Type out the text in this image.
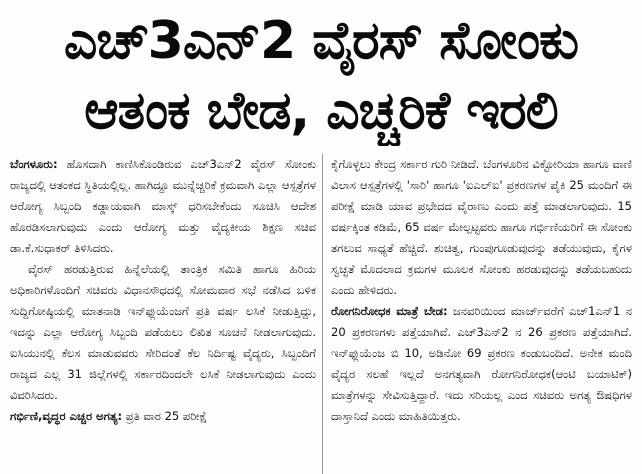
ಎಚ್3ಎನ್2 ವೈರಸ್ ಸೋಂಕು
ಆತಂಕ ಬೇಡ, ಎಚ್ಚರಿಕೆ ಇರಲಿ

ಬೆಂಗಳೂರು: ಹೊಸದಾಗಿ ಕಾಣಿಸಿಕೊಂಡಿರುವ ಎಚ್3ಎನ್2 ವೈರಸ್ ಸೋಂಕು ರಾಜ್ಯದಲ್ಲಿ ಆತಂಕದ ಸ್ಥಿತಿಯಲ್ಲಿಲ್ಲ. ಹಾಗಿದ್ದೂ ಮುನ್ನೆಚ್ಚರಿಕೆ ಕ್ರಮವಾಗಿ ಎಲ್ಲಾ ಆಸ್ಪತ್ರೆಗಳ ಆರೋಗ್ಯ ಸಿಬ್ಬಂದಿ ಕಡ್ಡಾಯವಾಗಿ ಮಾಸ್ಕ್ ಧರಿಸಬೇಕೆಂದು ಸೂಚಿಸಿ ಆದೇಶ ಹೊರಡಿಸಲಾಗುವುದು ಎಂದು ಆರೋಗ್ಯ ಮತ್ತು ವೈದ್ಯಕೀಯ ಶಿಕ್ಷಣ ಸಚಿವ ಡಾ.ಕೆ.ಸುಧಾಕರ್ ತಿಳಿಸಿದರು.

ವೈರಸ್ ಹರಡುತ್ತಿರುವ ಹಿನ್ನೆಲೆಯಲ್ಲಿ ತಾಂತ್ರಿಕ ಸಮಿತಿ ಹಾಗೂ ಹಿರಿಯ ಅಧಿಕಾರಿಗಳೊಂದಿಗೆ ಸಚಿವರು ವಿಧಾನಸೌಧದಲ್ಲಿ ಸೋಮವಾರ ಸಭೆ ನಡೆಸಿದ ಬಳಿಕ ಸುದ್ದಿಗೋಷ್ಠಿಯಲ್ಲಿ ಮಾತನಾಡಿ ಇನ್‌ಫ್ಲುಯೆಂಜಗೆ ಪ್ರತಿ ವರ್ಷ ಲಸಿಕೆ ನೀಡುತ್ತಿದ್ದು, ಇದನ್ನು ಎಲ್ಲಾ ಆರೋಗ್ಯ ಸಿಬ್ಬಂದಿ ಪಡೆಯಲು ಲಿಖಿತ ಸೂಚನೆ ನೀಡಲಾಗುವುದು. ಐಸಿಯುನಲ್ಲಿ ಕೆಲಸ ಮಾಡುವವರು ಸೇರಿದಂತೆ ಕೆಲ ನಿರ್ದಿಷ್ಟ ವೈದ್ಯರು, ಸಿಬ್ಬಂದಿಗೆ ರಾಜ್ಯದ ಎಲ್ಲ 31 ಜಿಲ್ಲೆಗಳಲ್ಲಿ ಸರ್ಕಾರದಿಂದಲೇ ಲಸಿಕೆ ನೀಡಲಾಗುವುದು ಎಂದು ವಿವರಿಸಿದರು.

ಗರ್ಭಿಣಿ,ವೃದ್ಧರ ಎಚ್ಚರ ಅಗತ್ಯ: ಪ್ರತಿ ವಾರ 25 ಪರೀಕ್ಷೆ

ಕೈಗೊಳ್ಳಲು ಕೇಂದ್ರ ಸರ್ಕಾರ ಗುರಿ ನೀಡಿದೆ. ಬೆಂಗಳೂರಿನ ವಿಕ್ಟೋರಿಯಾ ಹಾಗೂ ವಾಣಿ ವಿಲಾಸ ಆಸ್ಪತ್ರೆಗಳಲ್ಲಿ 'ಸಾರಿ' ಹಾಗೂ 'ಐಎಲ್‌ಐ' ಪ್ರಕರಣಗಳ ಪೈಕಿ 25 ಮಂದಿಗೆ ಈ ಪರೀಕ್ಷೆ ಮಾಡಿ ಯಾವ ಪ್ರಭೇದದ ವೈರಾಣು ಎಂದು ಪತ್ತೆ ಮಾಡಲಾಗುವುದು. 15 ವರ್ಷಕ್ಕಿಂತ ಕಡಿಮೆ, 65 ವರ್ಷ ಮೇಲ್ಪಟ್ಟವರು ಹಾಗೂ ಗರ್ಭಿಣಿಯರಿಗೆ ಈ ಸೋಂಕು ತಗಲುವ ಸಾಧ್ಯತೆ ಹೆಚ್ಚಿದೆ. ಶುಚಿತ್ವ, ಗುಂಪುಗೂಡುವುದನ್ನು ತಡೆಯುವುದು, ಕೈಗಳ ಸ್ವಚ್ಛತೆ ಮೊದಲಾದ ಕ್ರಮಗಳ ಮೂಲಕ ಸೋಂಕು ಹರಡುವುದನ್ನು ತಡೆಯಬಹುದು ಎಂದು ಹೇಳಿದರು.

ರೋಗನಿರೋಧಕ ಮಾತ್ರೆ ಬೇಡ: ಜನವರಿಯಿಂದ ಮಾರ್ಚ್‌ವರೆಗೆ ಎಚ್1ಎನ್1 ನ 20 ಪ್ರಕರಣಗಳು ಪತ್ತೆಯಾಗಿವೆ. ಎಚ್3ಎನ್2 ನ 26 ಪ್ರಕರಣ ಪತ್ತೆಯಾಗಿದೆ. ಇನ್‌ಫ್ಲುಯೆಂಜ ಬಿ 10, ಅಡಿನೋ 69 ಪ್ರಕರಣ ಕಂಡುಬಂದಿದೆ. ಅನೇಕ ಮಂದಿ ವೈದ್ಯರ ಸಲಹೆ ಇಲ್ಲದೆ ಅನಗತ್ಯವಾಗಿ ರೋಗನಿರೋಧಕ(ಆಂಟಿ ಬಯಾಟಿಕ್) ಮಾತ್ರೆಗಳನ್ನು ಸೇವಿಸುತ್ತಿದ್ದಾರೆ. ಇದು ಸರಿಯಲ್ಲ ಎಂದ ಸಚಿವರು ಅಗತ್ಯ ಔಷಧಿಗಳ ದಾಸ್ತಾನಿದೆ ಎಂದು ಮಾಹಿತಿಯಿತ್ತರು.
